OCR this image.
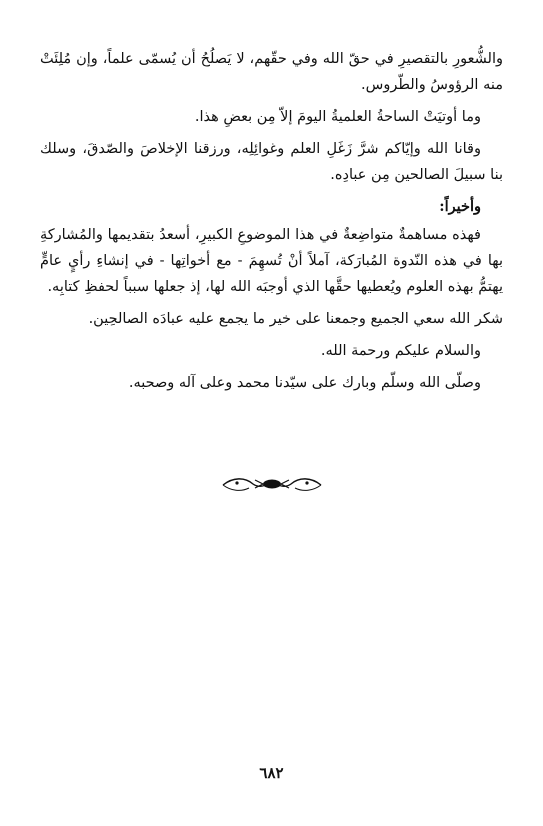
والشُّعورِ بالتقصيرِ في حقّ الله وفي حقّهم، لا يَصلُحُ أن يُسمّى علماً، وإن مُلِئَتْ منه الرؤوسُ والطّروس.

وما أوتيَتْ الساحةُ العلميةُ اليومَ إلاّ مِن بعضِ هذا.

وقانا الله وإيّاكم شرَّ زَغَلِ العلم وغوائِلِه، ورزقنا الإخلاصَ والصّدقَ، وسلك بنا سبيلَ الصالحين مِن عبادِه.

وأخيراً:

فهذه مساهمةٌ متواضِعةٌ في هذا الموضوعِ الكبيرِ، أسعدُ بتقديمها والمُشاركةِ بها في هذه النّدوة المُبارَكة، آملاً أنْ تُسهِمَ - مع أخواتِها - في إنشاءِ رأيٍ عامٍّ يهتمُّ بهذه العلوم ويُعطيها حقَّها الذي أوجبَه الله لها، إذ جعلها سبباً لحفظِ كتابِه.

شكر الله سعي الجميع وجمعنا على خير ما يجمع عليه عبادَه الصالحِين.

والسلام عليكم ورحمة الله.

وصلّى الله وسلّم وبارك على سيّدنا محمد وعلى آله وصحبه.

٦٨٢
